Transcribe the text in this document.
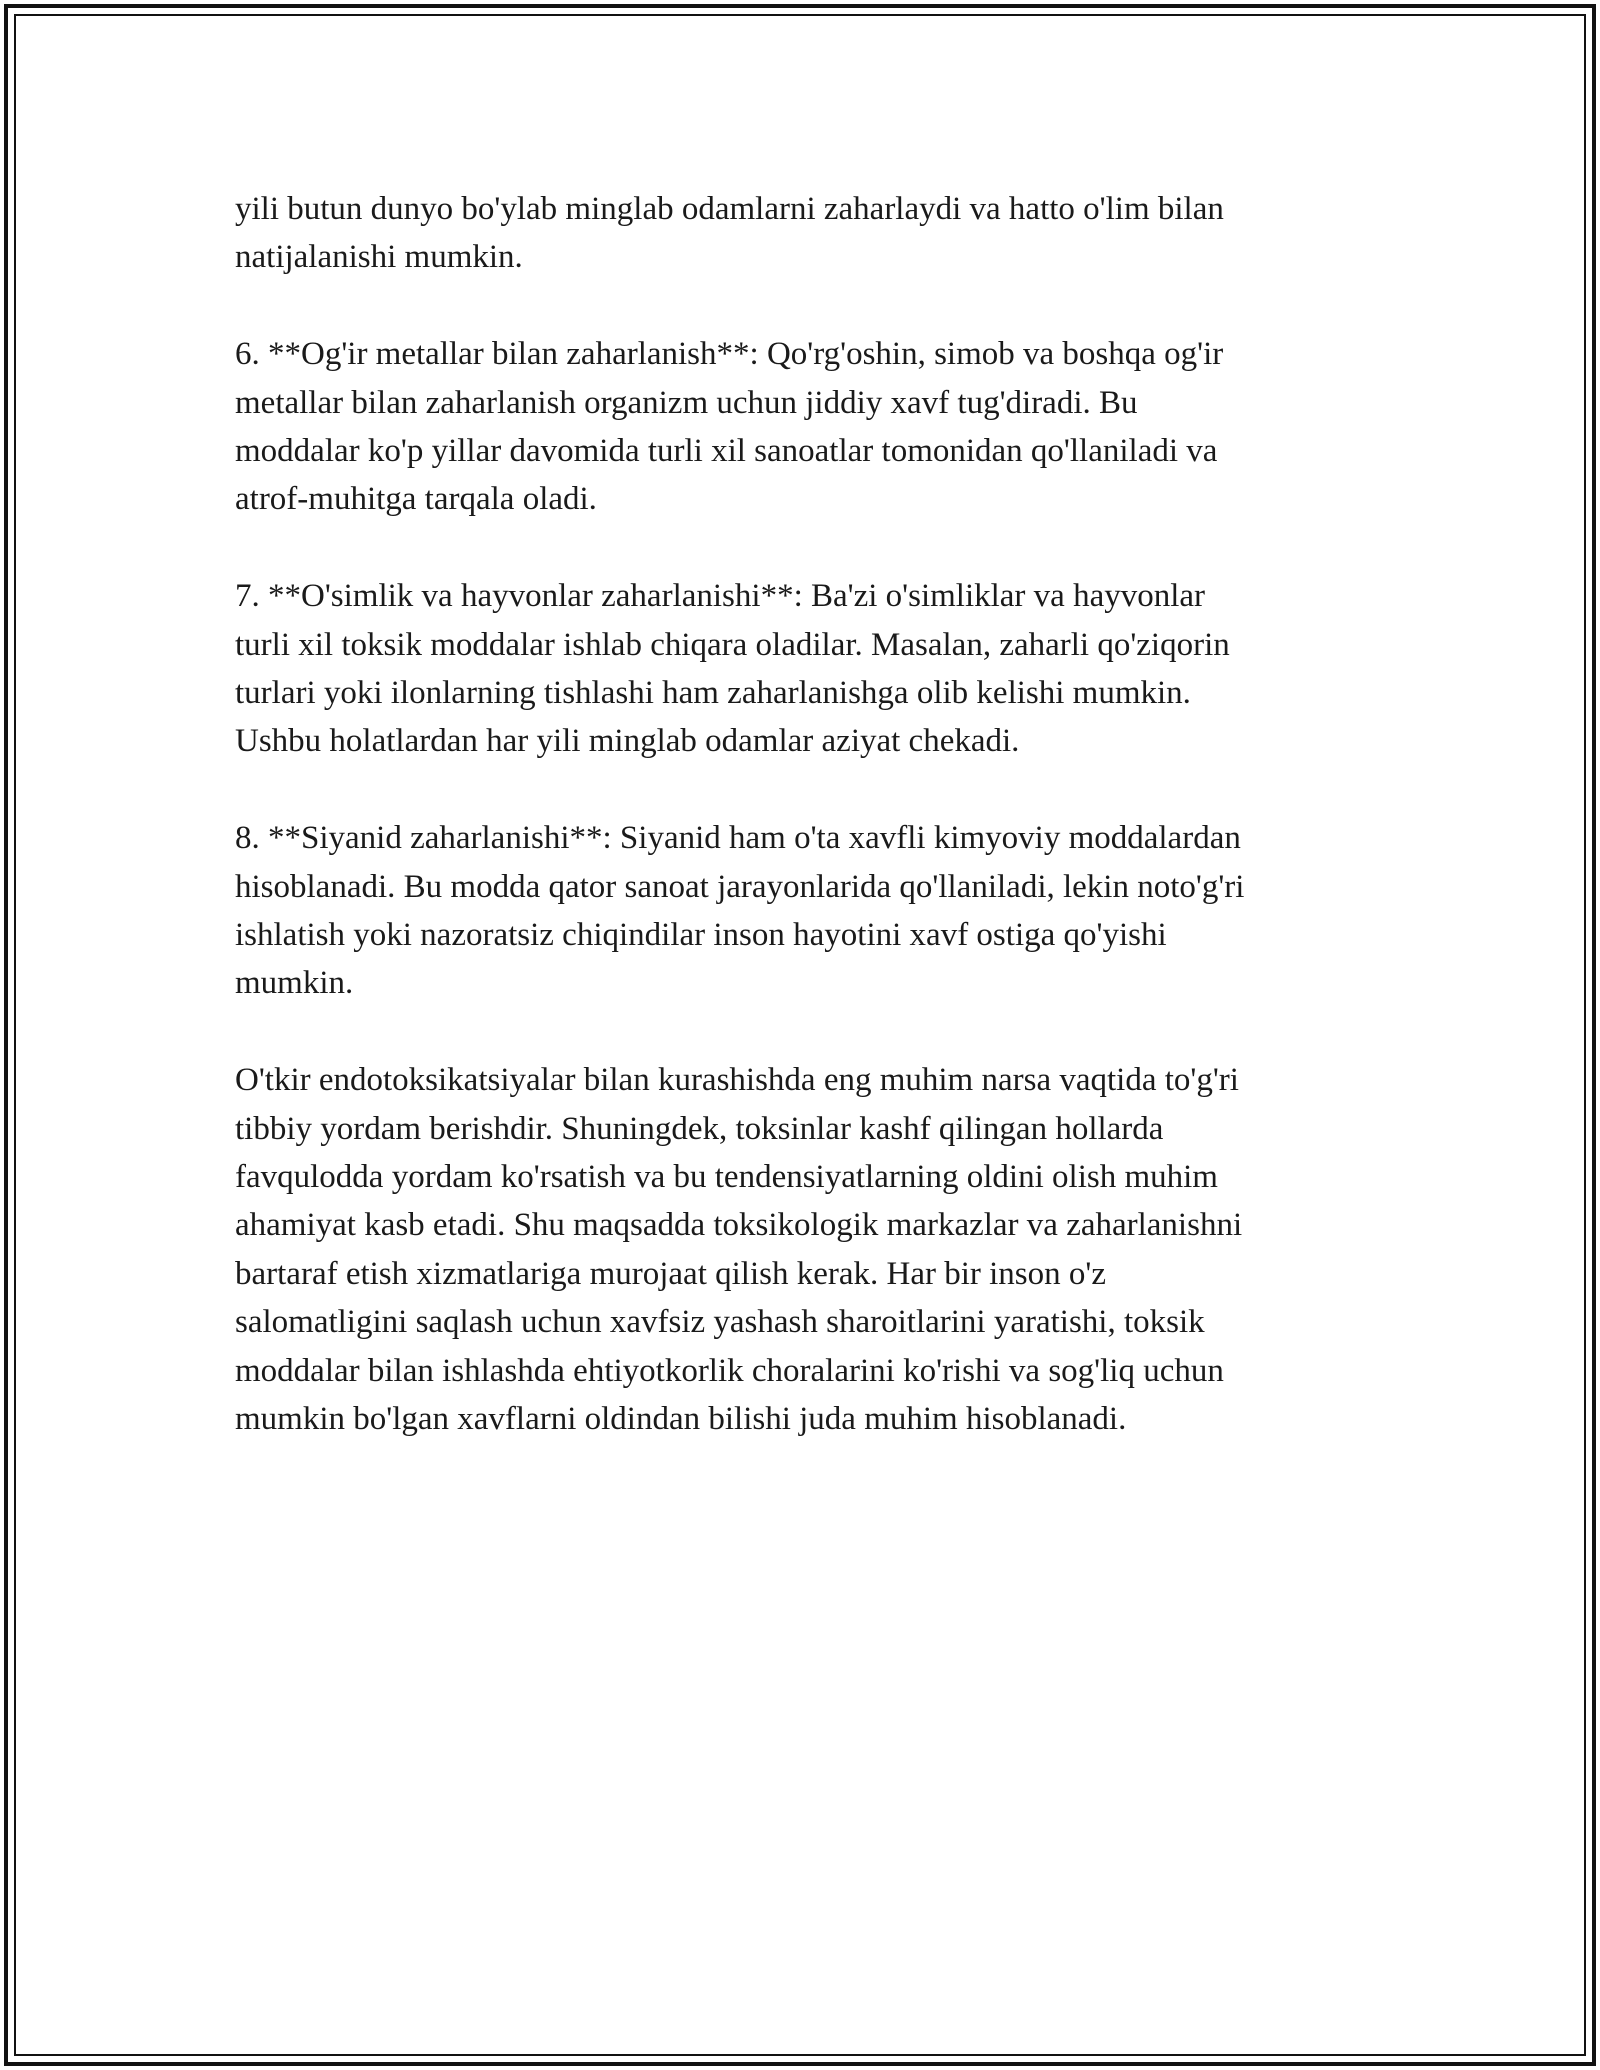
yili butun dunyo bo'ylab minglab odamlarni zaharlaydi va hatto o'lim bilan
natijalanishi mumkin.

6. **Og'ir metallar bilan zaharlanish**: Qo'rg'oshin, simob va boshqa og'ir
metallar bilan zaharlanish organizm uchun jiddiy xavf tug'diradi. Bu
moddalar ko'p yillar davomida turli xil sanoatlar tomonidan qo'llaniladi va
atrof-muhitga tarqala oladi.

7. **O'simlik va hayvonlar zaharlanishi**: Ba'zi o'simliklar va hayvonlar
turli xil toksik moddalar ishlab chiqara oladilar. Masalan, zaharli qo'ziqorin
turlari yoki ilonlarning tishlashi ham zaharlanishga olib kelishi mumkin.
Ushbu holatlardan har yili minglab odamlar aziyat chekadi.

8. **Siyanid zaharlanishi**: Siyanid ham o'ta xavfli kimyoviy moddalardan
hisoblanadi. Bu modda qator sanoat jarayonlarida qo'llaniladi, lekin noto'g'ri
ishlatish yoki nazoratsiz chiqindilar inson hayotini xavf ostiga qo'yishi
mumkin.

O'tkir endotoksikatsiyalar bilan kurashishda eng muhim narsa vaqtida to'g'ri
tibbiy yordam berishdir. Shuningdek, toksinlar kashf qilingan hollarda
favqulodda yordam ko'rsatish va bu tendensiyatlarning oldini olish muhim
ahamiyat kasb etadi. Shu maqsadda toksikologik markazlar va zaharlanishni
bartaraf etish xizmatlariga murojaat qilish kerak. Har bir inson o'z
salomatligini saqlash uchun xavfsiz yashash sharoitlarini yaratishi, toksik
moddalar bilan ishlashda ehtiyotkorlik choralarini ko'rishi va sog'liq uchun
mumkin bo'lgan xavflarni oldindan bilishi juda muhim hisoblanadi.
